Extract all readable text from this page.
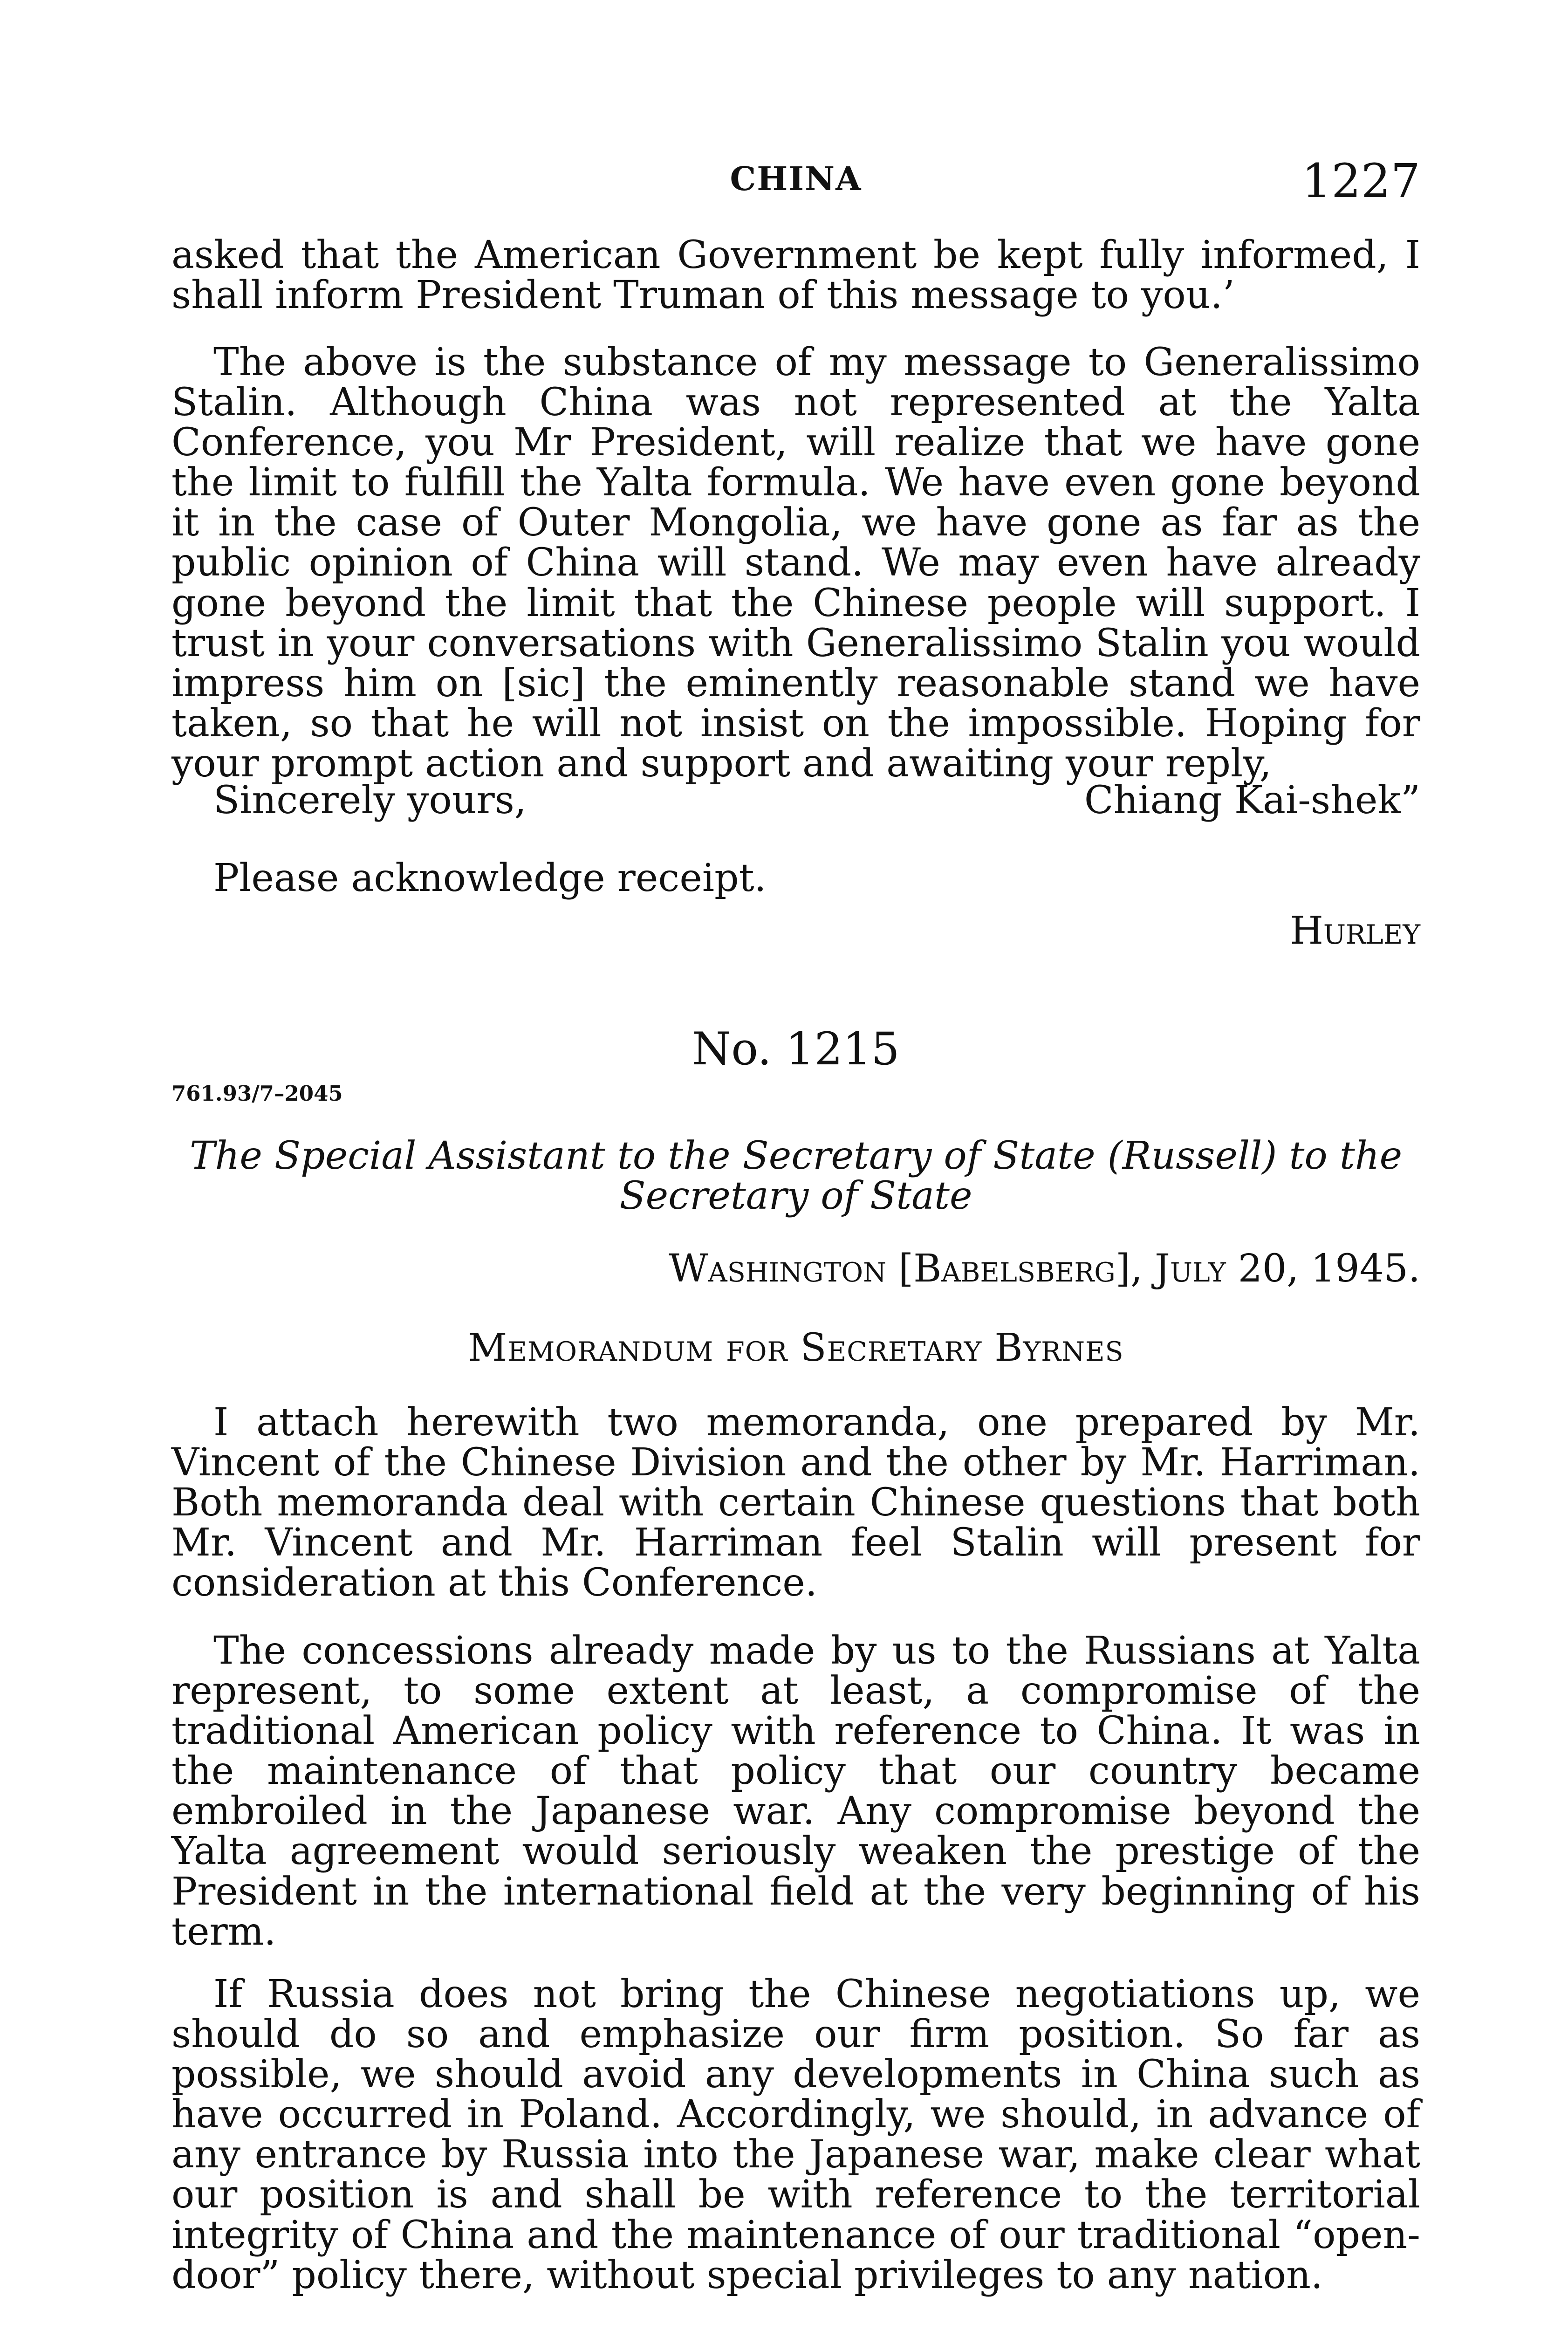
CHINA	1227

asked that the American Government be kept fully informed, I shall inform President Truman of this message to you.’

The above is the substance of my message to Generalissimo Stalin. Although China was not represented at the Yalta Conference, you Mr President, will realize that we have gone the limit to fulfill the Yalta formula. We have even gone beyond it in the case of Outer Mongolia, we have gone as far as the public opinion of China will stand. We may even have already gone beyond the limit that the Chinese people will support. I trust in your conversations with Generalissimo Stalin you would impress him on [sic] the eminently reasonable stand we have taken, so that he will not insist on the impossible. Hoping for your prompt action and support and awaiting your reply,

Sincerely yours,	Chiang Kai-shek”
Please acknowledge receipt.
Hurley
No. 1215
761.93/7–2045
The Special Assistant to the Secretary of State (Russell) to the Secretary of State
Washington [Babelsberg], July 20, 1945.
Memorandum for Secretary Byrnes

I attach herewith two memoranda, one prepared by Mr. Vincent of the Chinese Division and the other by Mr. Harriman. Both memoranda deal with certain Chinese questions that both Mr. Vincent and Mr. Harriman feel Stalin will present for consideration at this Conference.

The concessions already made by us to the Russians at Yalta represent, to some extent at least, a compromise of the traditional American policy with reference to China. It was in the maintenance of that policy that our country became embroiled in the Japanese war. Any compromise beyond the Yalta agreement would seriously weaken the prestige of the President in the international field at the very beginning of his term.

If Russia does not bring the Chinese negotiations up, we should do so and emphasize our firm position. So far as possible, we should avoid any developments in China such as have occurred in Poland. Accordingly, we should, in advance of any entrance by Russia into the Japanese war, make clear what our position is and shall be with reference to the territorial integrity of China and the maintenance of our traditional “open-door” policy there, without special privileges to any nation.
